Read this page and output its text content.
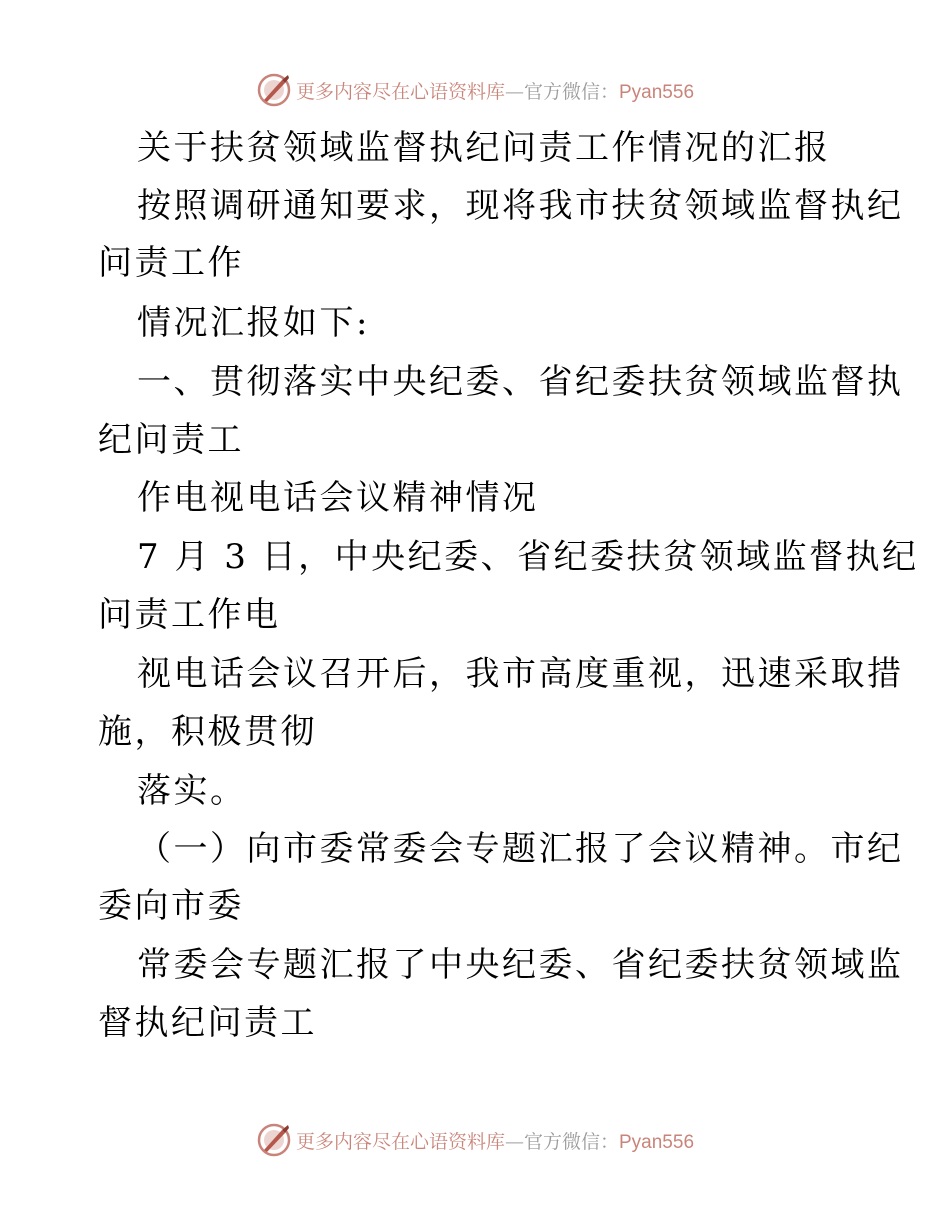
更多内容尽在心语资料库—官方微信：Pyan556
关于扶贫领域监督执纪问责工作情况的汇报
按照调研通知要求，现将我市扶贫领域监督执纪
问责工作
情况汇报如下:
一、贯彻落实中央纪委、省纪委扶贫领域监督执
纪问责工
作电视电话会议精神情况
7 月 3 日，中央纪委、省纪委扶贫领域监督执纪
问责工作电
视电话会议召开后，我市高度重视，迅速采取措
施，积极贯彻
落实。
（一）向市委常委会专题汇报了会议精神。市纪
委向市委
常委会专题汇报了中央纪委、省纪委扶贫领域监
督执纪问责工
更多内容尽在心语资料库—官方微信：Pyan556
